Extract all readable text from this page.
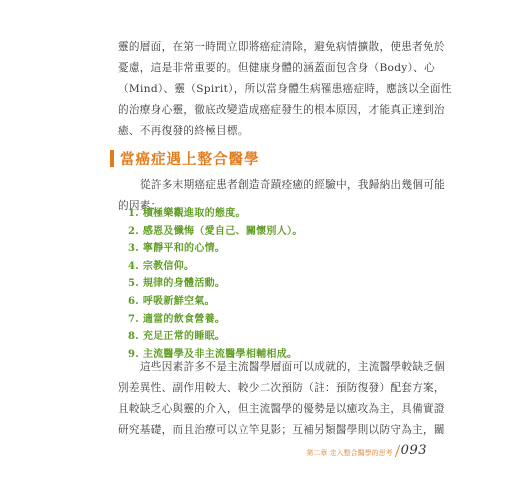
靈的層面，在第一時間立即將癌症清除，避免病情擴散，使患者免於
憂慮，這是非常重要的。但健康身體的涵蓋面包含身（Body）、心
（Mind）、靈（Spirit），所以當身體生病罹患癌症時，應該以全面性
的治療身心靈，徹底改變造成癌症發生的根本原因，才能真正達到治
癒、不再復發的終極目標。
當癌症遇上整合醫學
從許多末期癌症患者創造奇蹟痊癒的經驗中，我歸納出幾個可能
的因素：
1. 積極樂觀進取的態度。
2. 感恩及懺悔（愛自己、關懷別人）。
3. 寧靜平和的心情。
4. 宗教信仰。
5. 規律的身體活動。
6. 呼吸新鮮空氣。
7. 適當的飲食營養。
8. 充足正常的睡眠。
9. 主流醫學及非主流醫學相輔相成。
這些因素許多不是主流醫學層面可以成就的，主流醫學較缺乏個
別差異性、副作用較大、較少二次預防（註：預防復發）配套方案，
且較缺乏心與靈的介入，但主流醫學的優勢是以癒攻為主，具備實證
研究基礎，而且治療可以立竿見影；互補另類醫學則以防守為主，關
第二章 走入整合醫學的思考 093
